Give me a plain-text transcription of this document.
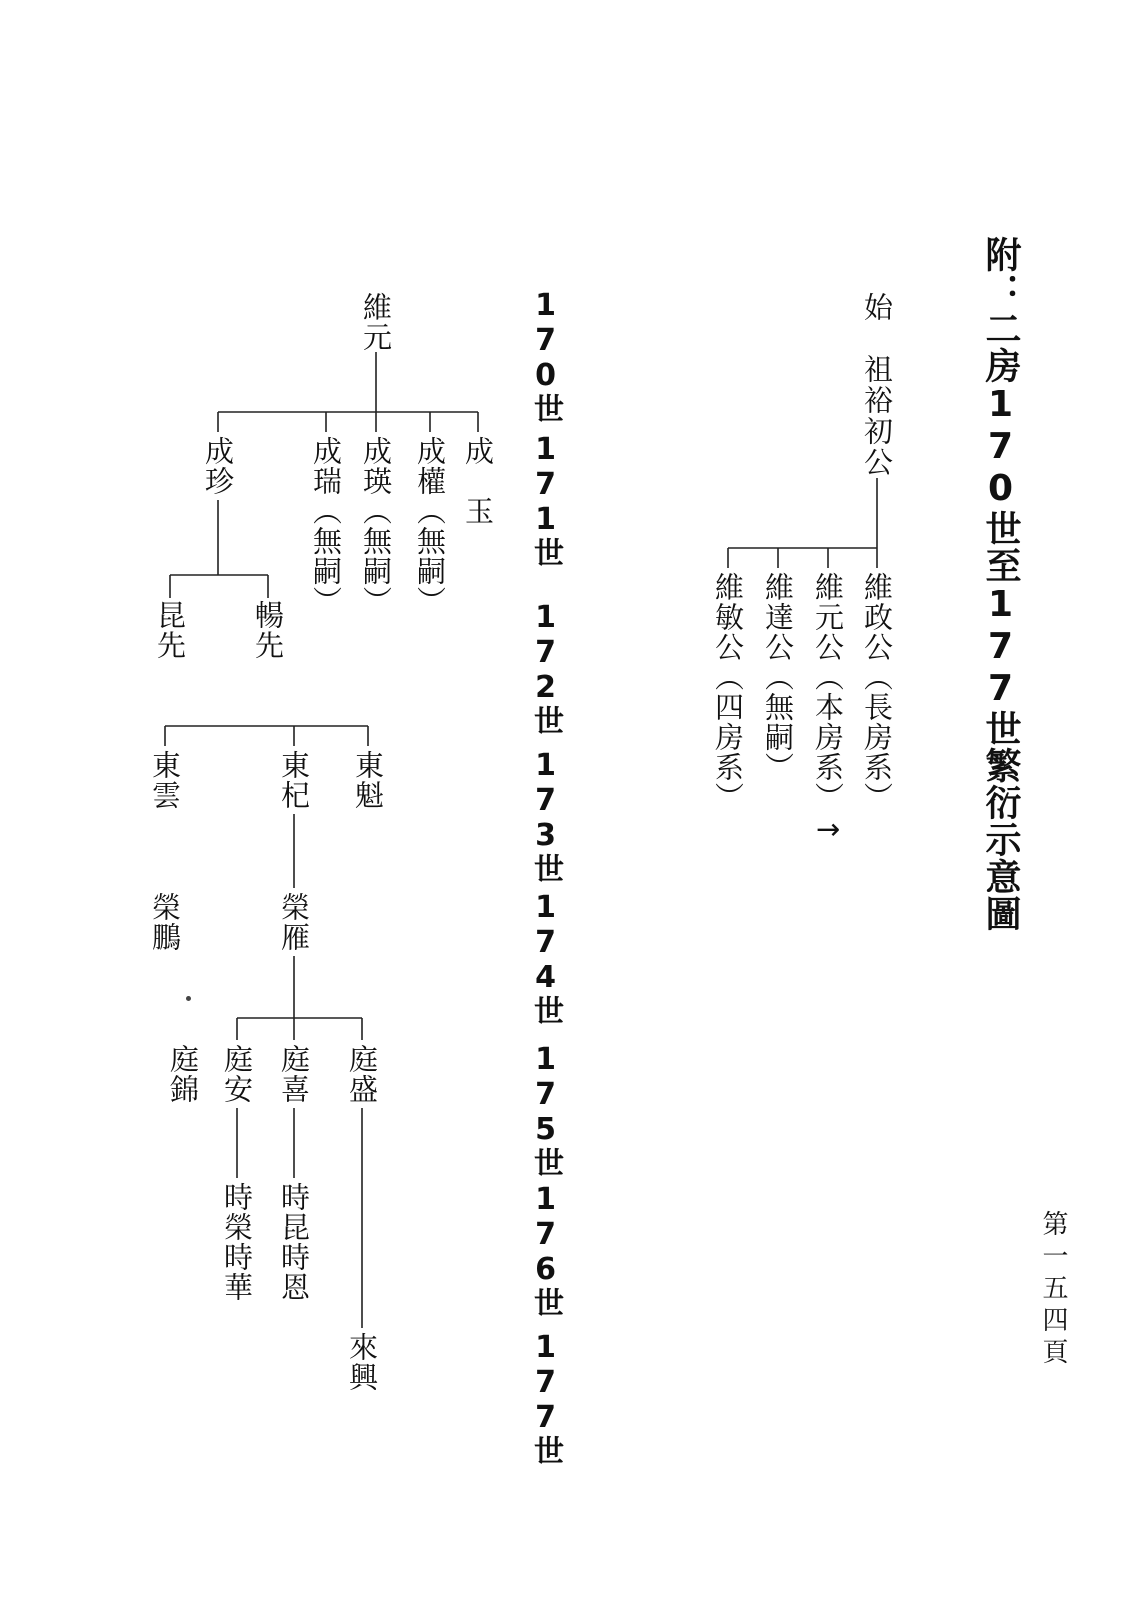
附：二房170世至177世繁衍示意圖
第一五四頁
始　祖裕初公
維政公（長房系）
維元公（本房系）→
維達公（無嗣）
維敏公（四房系）
170世
171世
172世
173世
174世
175世
176世
177世
維元
成　玉
成權（無嗣）
成瑛（無嗣）
成瑞（無嗣）
成珍
暢先
昆先
東魁
東杞
東雲
榮雁
榮鵬
庭盛
庭喜
庭安
庭錦
時昆時恩
時榮時華
來興
